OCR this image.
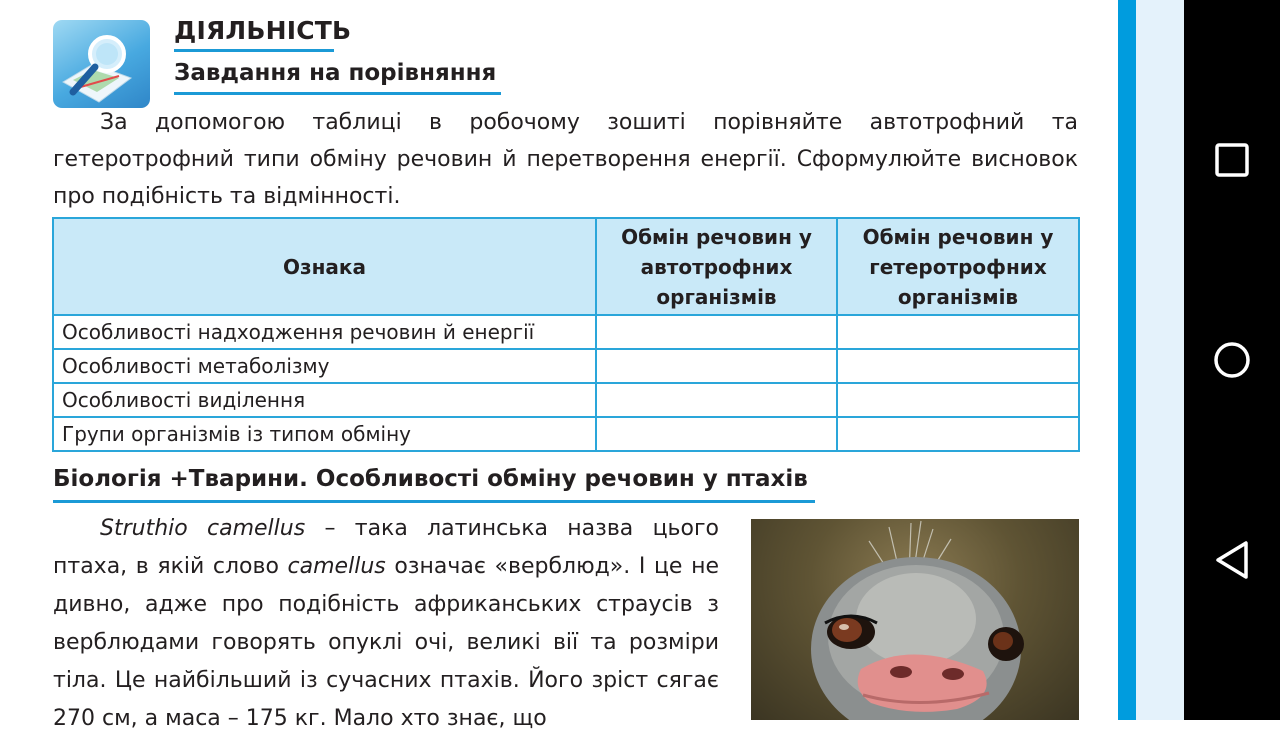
ДІЯЛЬНІСТЬ
Завдання на порівняння

За допомогою таблиці в робочому зошиті порівняйте автотрофний та гетеротрофний типи обміну речовин й перетворення енергії. Сформулюйте висновок про подібність та відмінності.

Ознака	Обмін речовин у автотрофних організмів	Обмін речовин у гетеротрофних організмів
Особливості надходження речовин й енергії		
Особливості метаболізму		
Особливості виділення		
Групи організмів із типом обміну		
Біологія +Тварини. Особливості обміну речовин у птахів

Struthio camellus – така латинська назва цього птаха, в якій слово camellus означає «верблюд». І це не дивно, адже про подібність африканських страусів з верблюдами говорять опуклі очі, великі вії та розміри тіла. Це найбільший із сучасних птахів. Його зріст сягає 270 см, а маса – 175 кг. Мало хто знає, що
